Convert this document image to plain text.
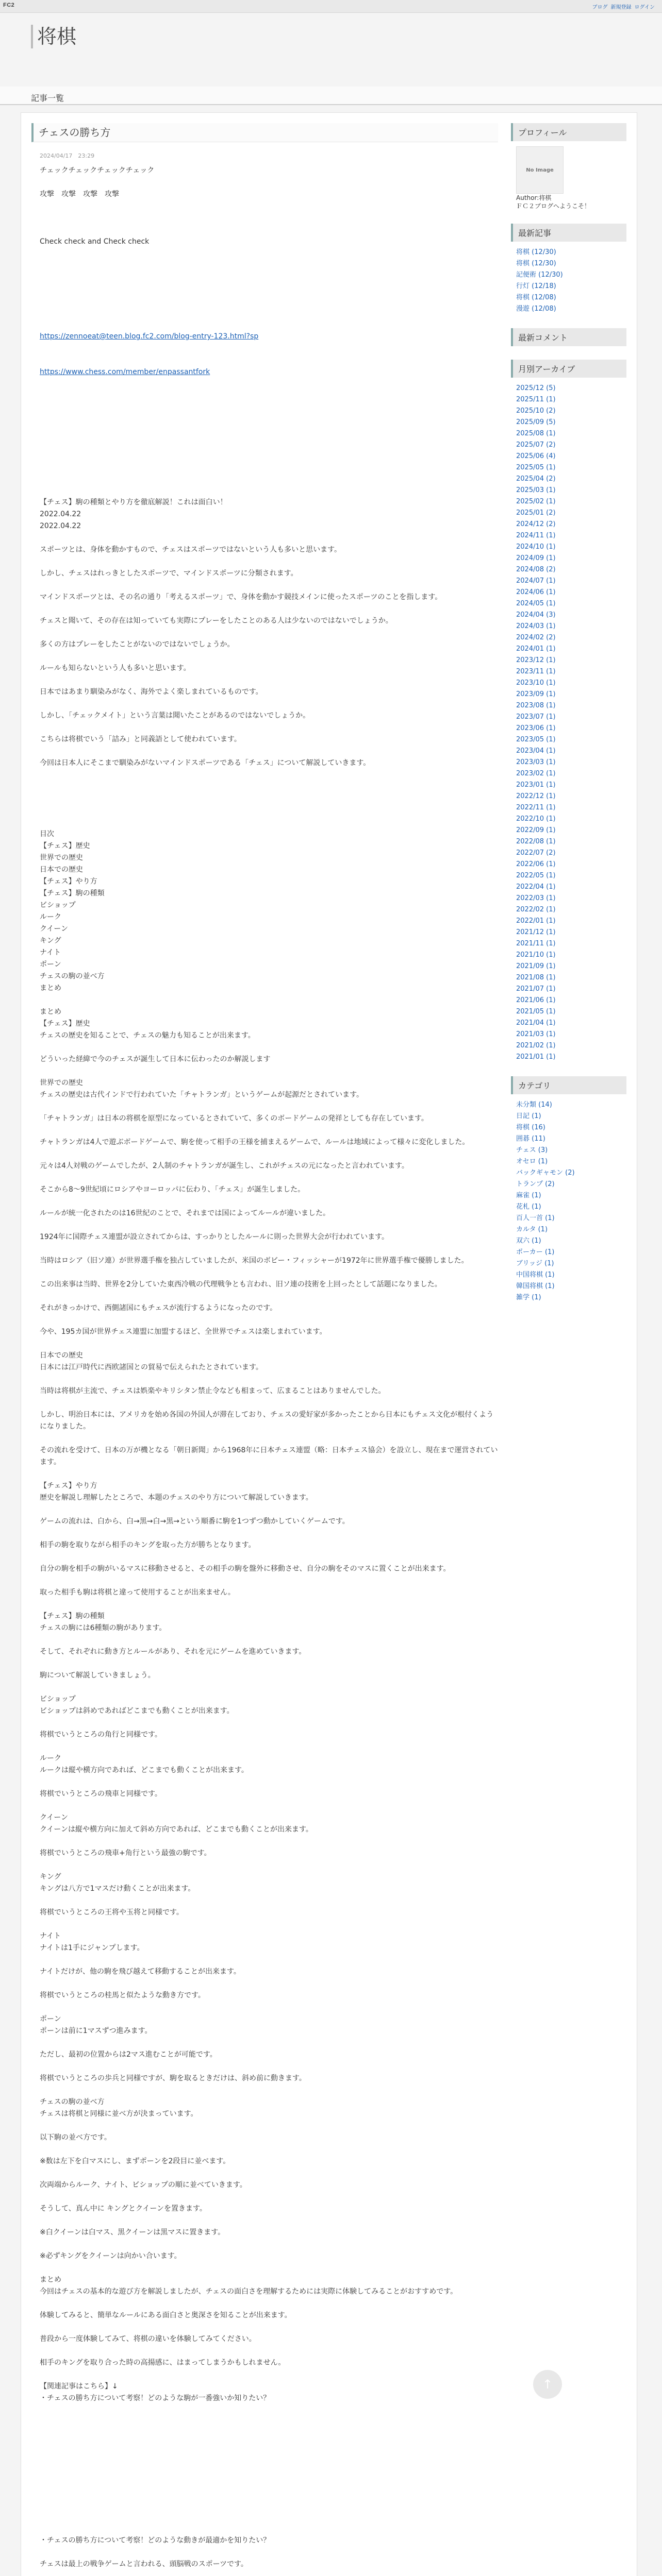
FC2	ブログ 新規登録 ログイン
将棋
記事一覧
チェスの勝ち方
2024/04/17　23:29
チェックチェックチェックチェック
攻撃　攻撃　攻撃　攻撃
Check check and Check check
https://zennoeat@teen.blog.fc2.com/blog-entry-123.html?sp
https://www.chess.com/member/enpassantfork
【チェス】駒の種類とやり方を徹底解説！これは面白い！
2022.04.22
2022.04.22
スポーツとは、身体を動かすもので、チェスはスポーツではないという人も多いと思います。
しかし、チェスはれっきとしたスポーツで、マインドスポーツに分類されます。
マインドスポーツとは、その名の通り「考えるスポーツ」で、身体を動かす競技メインに使ったスポーツのことを指します。
チェスと聞いて、その存在は知っていても実際にプレーをしたことのある人は少ないのではないでしょうか。
多くの方はプレーをしたことがないのではないでしょうか。
ルールも知らないという人も多いと思います。
日本ではあまり馴染みがなく、海外でよく楽しまれているものです。
しかし、「チェックメイト」という言葉は聞いたことがあるのではないでしょうか。
こちらは将棋でいう「詰み」と同義語として使われています。
今回は日本人にそこまで馴染みがないマインドスポーツである「チェス」について解説していきます。
目次
【チェス】歴史
世界での歴史
日本での歴史
【チェス】やり方
【チェス】駒の種類
ビショップ
ルーク
クイーン
キング
ナイト
ポーン
チェスの駒の並べ方
まとめ
まとめ
【チェス】歴史
チェスの歴史を知ることで、チェスの魅力も知ることが出来ます。
どういった経緯で今のチェスが誕生して日本に伝わったのか解説します
世界での歴史
チェスの歴史は古代インドで行われていた「チャトランガ」というゲームが起源だとされています。
「チャトランガ」は日本の将棋を原型になっているとされていて、多くのボードゲームの発祥としても存在しています。
チャトランガは4人で遊ぶボードゲームで、駒を使って相手の王様を捕まえるゲームで、ルールは地域によって様々に変化しました。
元々は4人対戦のゲームでしたが、2人制のチャトランガが誕生し、これがチェスの元になったと言われています。
そこから8〜9世紀頃にロシアやヨーロッパに伝わり、「チェス」が誕生しました。
ルールが統一化されたのは16世紀のことで、それまでは国によってルールが違いました。
1924年に国際チェス連盟が設立されてからは、すっかりとしたルールに則った世界大会が行われています。
当時はロシア（旧ソ連）が世界選手権を独占していましたが、米国のボビー・フィッシャーが1972年に世界選手権で優勝しました。
この出来事は当時、世界を2分していた東西冷戦の代理戦争とも言われ、旧ソ連の技術を上回ったとして話題になりました。
それがきっかけで、西側諸国にもチェスが流行するようになったのです。
今や、195カ国が世界チェス連盟に加盟するほど、全世界でチェスは楽しまれています。
日本での歴史
日本には江戸時代に西欧諸国との貿易で伝えられたとされています。
当時は将棋が主流で、チェスは娯楽やキリシタン禁止令なども相まって、広まることはありませんでした。
しかし、明治日本には、アメリカを始め各国の外国人が滞在しており、チェスの愛好家が多かったことから日本にもチェス文化が根付くようになりました。
その流れを受けて、日本の万が機となる「朝日新聞」から1968年に日本チェス連盟（略：日本チェス協会）を設立し、現在まで運営されています。
【チェス】やり方
歴史を解説し理解したところで、本題のチェスのやり方について解説していきます。
ゲームの流れは、白から、白→黒→白→黒→という順番に駒を1つずつ動かしていくゲームです。
相手の駒を取りながら相手のキングを取った方が勝ちとなります。
自分の駒を相手の駒がいるマスに移動させると、その相手の駒を盤外に移動させ、自分の駒をそのマスに置くことが出来ます。
取った相手も駒は将棋と違って使用することが出来ません。
【チェス】駒の種類
チェスの駒には6種類の駒があります。
そして、それぞれに動き方とルールがあり、それを元にゲームを進めていきます。
駒について解説していきましょう。
ビショップ
ビショップは斜めであればどこまでも動くことが出来ます。
将棋でいうところの角行と同様です。
ルーク
ルークは縦や横方向であれば、どこまでも動くことが出来ます。
将棋でいうところの飛車と同様です。
クイーン
クイーンは縦や横方向に加えて斜め方向であれば、どこまでも動くことが出来ます。
将棋でいうところの飛車+角行という最強の駒です。
キング
キングは八方で1マスだけ動くことが出来ます。
将棋でいうところの王将や玉将と同様です。
ナイト
ナイトは1手にジャンプします。
ナイトだけが、他の駒を飛び越えて移動することが出来ます。
将棋でいうところの桂馬と似たような動き方です。
ポーン
ポーンは前に1マスずつ進みます。
ただし、最初の位置からは2マス進むことが可能です。
将棋でいうところの歩兵と同様ですが、駒を取るときだけは、斜め前に動きます。
チェスの駒の並べ方
チェスは将棋と同様に並べ方が決まっています。
以下駒の並べ方です。
※数は左下を白マスにし、まずポーンを2段目に並べます。
次両端からルーク、ナイト、ビショップの順に並べていきます。
そうして、真ん中に キングとクイーンを置きます。
※白クイーンは白マス、黒クイーンは黒マスに置きます。
※必ずキングをクイーンは向かい合います。
まとめ
今回はチェスの基本的な遊び方を解説しましたが、チェスの面白さを理解するためには実際に体験してみることがおすすめです。
体験してみると、簡単なルールにある面白さと奥深さを知ることが出来ます。
普段から一度体験してみて、将棋の違いを体験してみてください。
相手のキングを取り合った時の高揚感に、はまってしまうかもしれません。
【関連記事はこちら】↓
・チェスの勝ち方について考察！どのような駒が一番強いか知りたい？
・チェスの勝ち方について考察！どのような動きが最適かを知りたい？
チェスは最上の戦争ゲームと言われる、頭脳戦のスポーツです。
プロフィール
No Image
Author:将棋
ＦＣ２ブログへようこそ！
最新記事
将棋 (12/30)
将棋 (12/30)
記便術 (12/30)
行灯 (12/18)
将棋 (12/08)
漫遊 (12/08)
最新コメント
月別アーカイブ
2025/12 (5)
2025/11 (1)
2025/10 (2)
2025/09 (5)
2025/08 (1)
2025/07 (2)
2025/06 (4)
2025/05 (1)
2025/04 (2)
2025/03 (1)
2025/02 (1)
2025/01 (2)
2024/12 (2)
2024/11 (1)
2024/10 (1)
2024/09 (1)
2024/08 (2)
2024/07 (1)
2024/06 (1)
2024/05 (1)
2024/04 (3)
2024/03 (1)
2024/02 (2)
2024/01 (1)
2023/12 (1)
2023/11 (1)
2023/10 (1)
2023/09 (1)
2023/08 (1)
2023/07 (1)
2023/06 (1)
2023/05 (1)
2023/04 (1)
2023/03 (1)
2023/02 (1)
2023/01 (1)
2022/12 (1)
2022/11 (1)
2022/10 (1)
2022/09 (1)
2022/08 (1)
2022/07 (2)
2022/06 (1)
2022/05 (1)
2022/04 (1)
2022/03 (1)
2022/02 (1)
2022/01 (1)
2021/12 (1)
2021/11 (1)
2021/10 (1)
2021/09 (1)
2021/08 (1)
2021/07 (1)
2021/06 (1)
2021/05 (1)
2021/04 (1)
2021/03 (1)
2021/02 (1)
2021/01 (1)
カテゴリ
未分類 (14)
日記 (1)
将棋 (16)
囲碁 (11)
チェス (3)
オセロ (1)
バックギャモン (2)
トランプ (2)
麻雀 (1)
花札 (1)
百人一首 (1)
カルタ (1)
双六 (1)
ポーカー (1)
ブリッジ (1)
中国将棋 (1)
韓国将棋 (1)
雑学 (1)
↑
